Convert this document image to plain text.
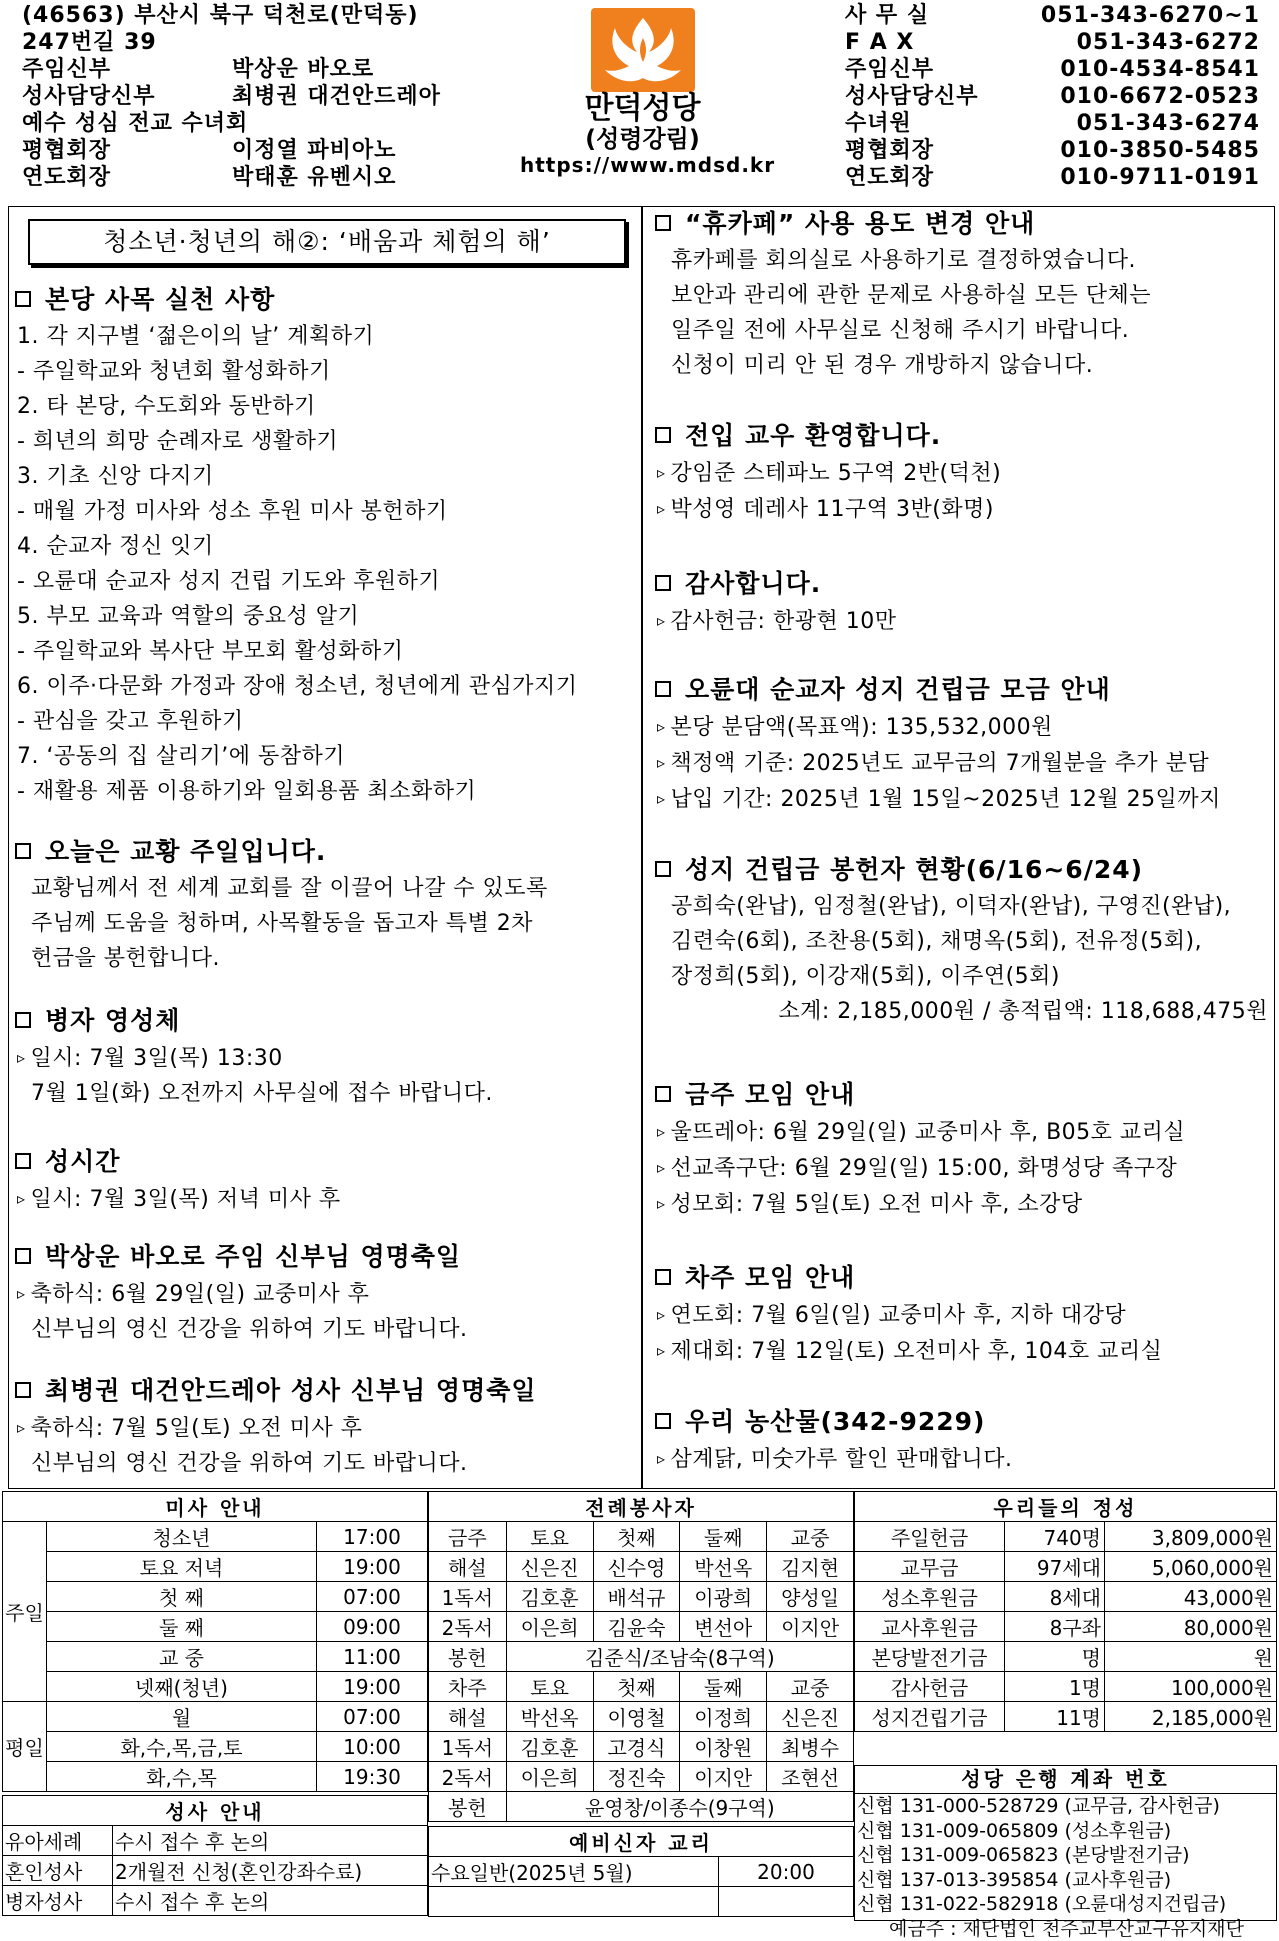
(46563) 부산시 북구 덕천로(만덕동)
247번길 39
주임신부	박상운 바오로
성사담당신부	최병권 대건안드레아
예수 성심 전교 수녀회
평협회장	이정열 파비아노
연도회장	박태훈 유벤시오
만덕성당
(성령강림)
https://www.mdsd.kr
사 무 실	051-343-6270~1
F A X	051-343-6272
주임신부	010-4534-8541
성사담당신부	010-6672-0523
수녀원	051-343-6274
평협회장	010-3850-5485
연도회장	010-9711-0191
청소년·청년의 해②: ‘배움과 체험의 해’
본당 사목 실천 사항
1. 각 지구별 ‘젊은이의 날’ 계획하기
- 주일학교와 청년회 활성화하기
2. 타 본당, 수도회와 동반하기
- 희년의 희망 순례자로 생활하기
3. 기초 신앙 다지기
- 매월 가정 미사와 성소 후원 미사 봉헌하기
4. 순교자 정신 잇기
- 오륜대 순교자 성지 건립 기도와 후원하기
5. 부모 교육과 역할의 중요성 알기
- 주일학교와 복사단 부모회 활성화하기
6. 이주·다문화 가정과 장애 청소년, 청년에게 관심가지기
- 관심을 갖고 후원하기
7. ‘공동의 집 살리기’에 동참하기
- 재활용 제품 이용하기와 일회용품 최소화하기
오늘은 교황 주일입니다.
교황님께서 전 세계 교회를 잘 이끌어 나갈 수 있도록
주님께 도움을 청하며, 사목활동을 돕고자 특별 2차
헌금을 봉헌합니다.
병자 영성체
▹ 일시: 7월 3일(목) 13:30
7월 1일(화) 오전까지 사무실에 접수 바랍니다.
성시간
▹ 일시: 7월 3일(목) 저녁 미사 후
박상운 바오로 주임 신부님 영명축일
▹ 축하식: 6월 29일(일) 교중미사 후
신부님의 영신 건강을 위하여 기도 바랍니다.
최병권 대건안드레아 성사 신부님 영명축일
▹ 축하식: 7월 5일(토) 오전 미사 후
신부님의 영신 건강을 위하여 기도 바랍니다.
“휴카페” 사용 용도 변경 안내
휴카페를 회의실로 사용하기로 결정하였습니다.
보안과 관리에 관한 문제로 사용하실 모든 단체는
일주일 전에 사무실로 신청해 주시기 바랍니다.
신청이 미리 안 된 경우 개방하지 않습니다.
전입 교우 환영합니다.
▹ 강임준 스테파노 5구역 2반(덕천)
▹ 박성영 데레사 11구역 3반(화명)
감사합니다.
▹ 감사헌금: 한광현 10만
오륜대 순교자 성지 건립금 모금 안내
▹ 본당 분담액(목표액): 135,532,000원
▹ 책정액 기준: 2025년도 교무금의 7개월분을 추가 분담
▹ 납입 기간: 2025년 1월 15일~2025년 12월 25일까지
성지 건립금 봉헌자 현황(6/16~6/24)
공희숙(완납), 임정철(완납), 이덕자(완납), 구영진(완납),
김련숙(6회), 조찬용(5회), 채명옥(5회), 전유정(5회),
장정희(5회), 이강재(5회), 이주연(5회)
소계: 2,185,000원 / 총적립액: 118,688,475원
금주 모임 안내
▹ 울뜨레아: 6월 29일(일) 교중미사 후, B05호 교리실
▹ 선교족구단: 6월 29일(일) 15:00, 화명성당 족구장
▹ 성모회: 7월 5일(토) 오전 미사 후, 소강당
차주 모임 안내
▹ 연도회: 7월 6일(일) 교중미사 후, 지하 대강당
▹ 제대회: 7월 12일(토) 오전미사 후, 104호 교리실
우리 농산물(342-9229)
▹ 삼계닭, 미숫가루 할인 판매합니다.
미사 안내		
주일	청소년	17:00
	토요 저녁	19:00
	첫 째	07:00
	둘 째	09:00
	교 중	11:00
	넷째(청년)	19:00
평일	월	07:00
	화,수,목,금,토	10:00
	화,수,목	19:30
전례봉사자				
금주	토요	첫째	둘째	교중
해설	신은진	신수영	박선옥	김지현
1독서	김호훈	배석규	이광희	양성일
2독서	이은희	김윤숙	변선아	이지안
봉헌	김준식/조남숙(8구역)			
차주	토요	첫째	둘째	교중
해설	박선옥	이영철	이정희	신은진
1독서	김호훈	고경식	이창원	최병수
2독서	이은희	정진숙	이지안	조현선
봉헌	윤영창/이종수(9구역)			
우리들의 정성		
주일헌금	740명	3,809,000원
교무금	97세대	5,060,000원
성소후원금	8세대	43,000원
교사후원금	8구좌	80,000원
본당발전기금	명	원
감사헌금	1명	100,000원
성지건립기금	11명	2,185,000원
성사 안내	
유아세례	수시 접수 후 논의
혼인성사	2개월전 신청(혼인강좌수료)
병자성사	수시 접수 후 논의
예비신자 교리	
수요일반(2025년 5월)	20:00

성당 은행 계좌 번호
신협 131-000-528729 (교무금, 감사헌금)
신협 131-009-065809 (성소후원금)
신협 131-009-065823 (본당발전기금)
신협 137-013-395854 (교사후원금)
신협 131-022-582918 (오륜대성지건립금)
예금주 : 재단법인 천주교부산교구유지재단
